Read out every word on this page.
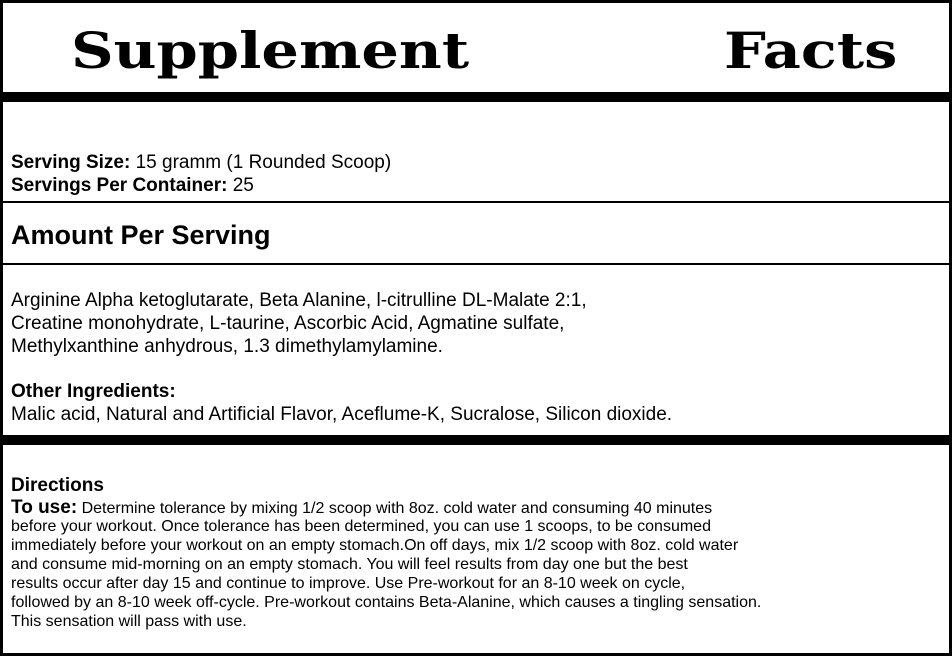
Supplement	Facts
Serving Size: 15 gramm (1 Rounded Scoop)
Servings Per Container: 25
Amount Per Serving
Arginine Alpha ketoglutarate, Beta Alanine, l-citrulline DL-Malate 2:1,
Creatine monohydrate, L-taurine, Ascorbic Acid, Agmatine sulfate,
Methylxanthine anhydrous, 1.3 dimethylamylamine.
Other Ingredients:
Malic acid, Natural and Artificial Flavor, Aceflume-K, Sucralose, Silicon dioxide.
Directions
To use: Determine tolerance by mixing 1/2 scoop with 8oz. cold water and consuming 40 minutes
before your workout. Once tolerance has been determined, you can use 1 scoops, to be consumed
immediately before your workout on an empty stomach.On off days, mix 1/2 scoop with 8oz. cold water
and consume mid-morning on an empty stomach. You will feel results from day one but the best
results occur after day 15 and continue to improve. Use Pre-workout for an 8-10 week on cycle,
followed by an 8-10 week off-cycle. Pre-workout contains Beta-Alanine, which causes a tingling sensation.
This sensation will pass with use.
